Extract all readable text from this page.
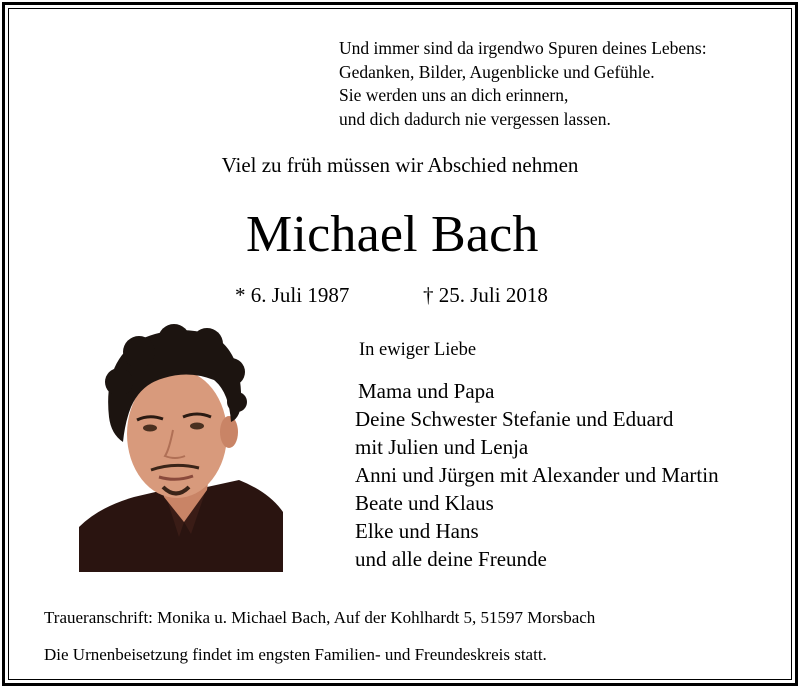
Und immer sind da irgendwo Spuren deines Lebens:
Gedanken, Bilder, Augenblicke und Gefühle.
Sie werden uns an dich erinnern,
und dich dadurch nie vergessen lassen.
Viel zu früh müssen wir Abschied nehmen
Michael Bach
* 6. Juli 1987	† 25. Juli 2018
In ewiger Liebe
Mama und Papa
Deine Schwester Stefanie und Eduard
mit Julien und Lenja
Anni und Jürgen mit Alexander und Martin
Beate und Klaus
Elke und Hans
und alle deine Freunde
Traueranschrift: Monika u. Michael Bach, Auf der Kohlhardt 5, 51597 Morsbach
Die Urnenbeisetzung findet im engsten Familien- und Freundeskreis statt.
